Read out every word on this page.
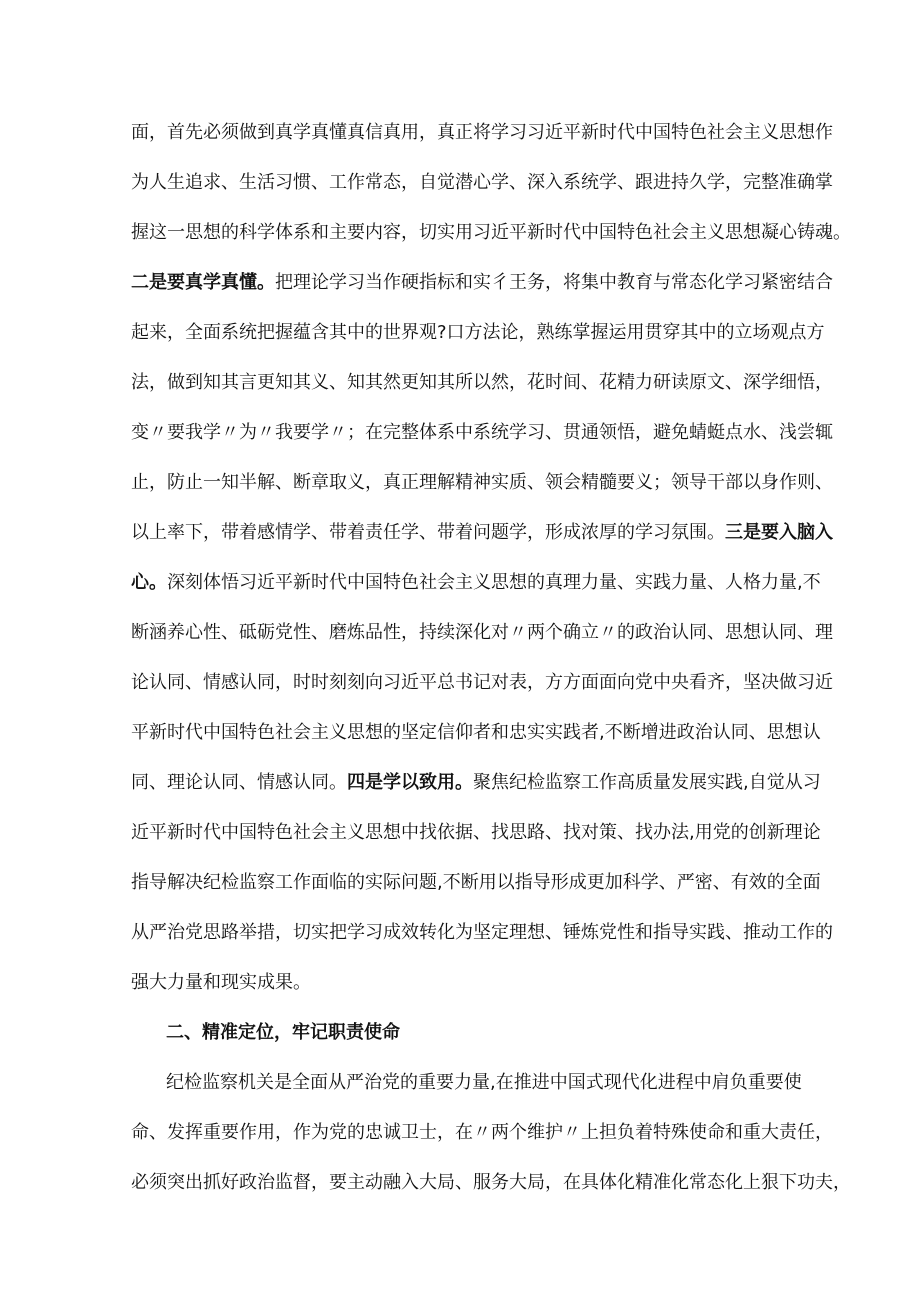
面，首先必须做到真学真懂真信真用，真正将学习习近平新时代中国特色社会主义思想作
为人生追求、生活习惯、工作常态，自觉潜心学、深入系统学、跟进持久学，完整准确掌
握这一思想的科学体系和主要内容，切实用习近平新时代中国特色社会主义思想凝心铸魂。
二是要真学真懂。把理论学习当作硬指标和实彳王务，将集中教育与常态化学习紧密结合
起来，全面系统把握蕴含其中的世界观?口方法论，熟练掌握运用贯穿其中的立场观点方
法，做到知其言更知其义、知其然更知其所以然，花时间、花精力研读原文、深学细悟，
变〃要我学〃为〃我要学〃；在完整体系中系统学习、贯通领悟，避免蜻蜓点水、浅尝辄
止，防止一知半解、断章取义，真正理解精神实质、领会精髓要义；领导干部以身作则、
以上率下，带着感情学、带着责任学、带着问题学，形成浓厚的学习氛围。三是要入脑入
心。深刻体悟习近平新时代中国特色社会主义思想的真理力量、实践力量、人格力量,不
断涵养心性、砥砺党性、磨炼品性，持续深化对〃两个确立〃的政治认同、思想认同、理
论认同、情感认同，时时刻刻向习近平总书记对表，方方面面向党中央看齐，坚决做习近
平新时代中国特色社会主义思想的坚定信仰者和忠实实践者,不断增进政治认同、思想认
同、理论认同、情感认同。四是学以致用。聚焦纪检监察工作高质量发展实践,自觉从习
近平新时代中国特色社会主义思想中找依据、找思路、找对策、找办法,用党的创新理论
指导解决纪检监察工作面临的实际问题,不断用以指导形成更加科学、严密、有效的全面
从严治党思路举措，切实把学习成效转化为坚定理想、锤炼党性和指导实践、推动工作的
强大力量和现实成果。
二、精准定位，牢记职责使命
纪检监察机关是全面从严治党的重要力量,在推进中国式现代化进程中肩负重要使
命、发挥重要作用，作为党的忠诚卫士，在〃两个维护〃上担负着特殊使命和重大责任，
必须突出抓好政治监督，要主动融入大局、服务大局，在具体化精准化常态化上狠下功夫，
